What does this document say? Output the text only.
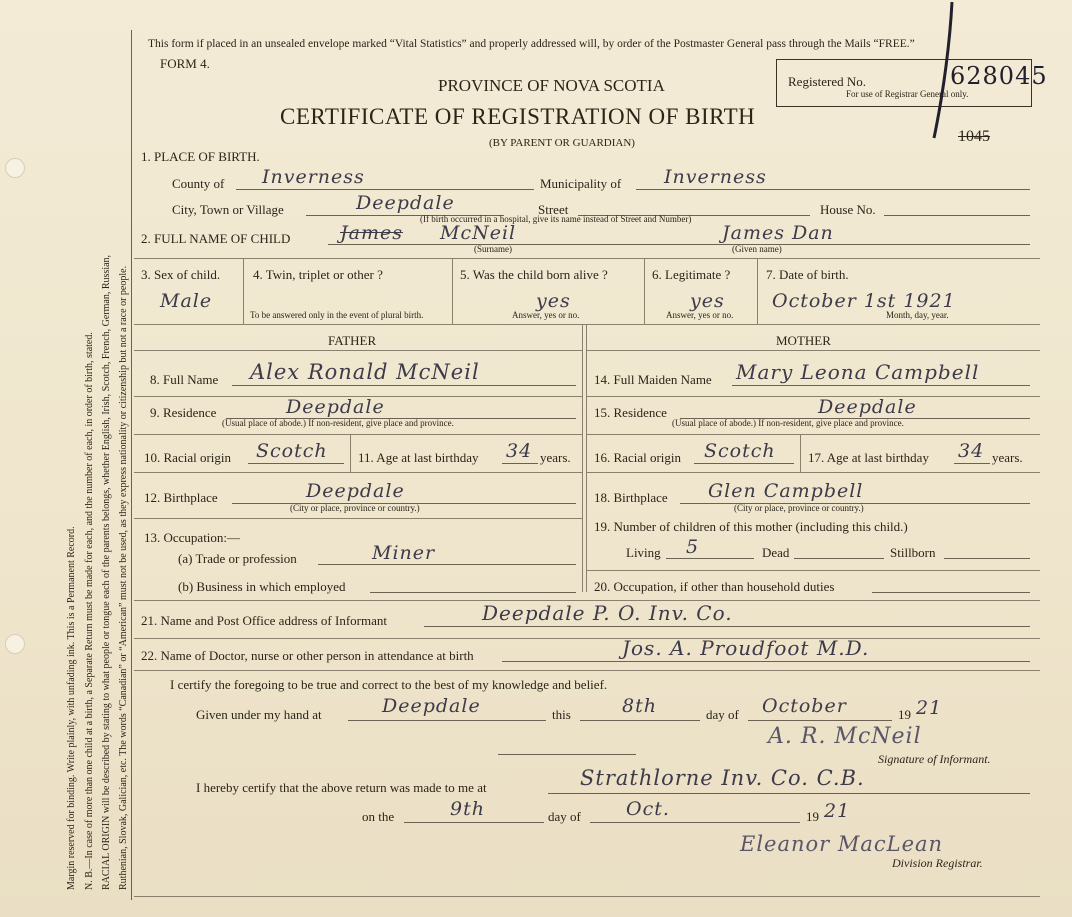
Margin reserved for binding. Write plainly, with unfading ink. This is a Permanent Record. N. B.—In case of more than one child at a birth, a Separate Return must be made for each, and the number of each, in order of birth, stated. RACIAL ORIGIN will be described by stating to what people or tongue each of the parents belongs, whether English, Irish, Scotch, French, German, Russian, Ruthenian, Slovak, Galician, etc. The words “Canadian” or “American” must not be used, as they express nationality or citizenship but not a race or people.
This form if placed in an unsealed envelope marked “Vital Statistics” and properly addressed will, by order of the Postmaster General pass through the Mails “FREE.”
FORM 4.
PROVINCE OF NOVA SCOTIA
CERTIFICATE OF REGISTRATION OF BIRTH
(BY PARENT OR GUARDIAN)
Registered No.
For use of Registrar General only.
628045
1045
1. PLACE OF BIRTH.
County of Inverness	Municipality of Inverness
City, Town or Village	Deepdale	Street	House No.
(If birth occurred in a hospital, give its name instead of Street and Number)
2. FULL NAME OF CHILD	James McNeil
(Surname)
James Dan
(Given name)
3. Sex of child.
Male
4. Twin, triplet or other ?
To be answered only in the event of plural birth.
5. Was the child born alive ?
yes
Answer, yes or no.
6. Legitimate ?
yes
Answer, yes or no.
7. Date of birth.
October 1st 1921
Month, day, year.
FATHER	MOTHER
8. Full Name Alex Ronald McNeil
9. Residence	Deepdale
(Usual place of abode.) If non-resident, give place and province.
10. Racial origin Scotch 11. Age at last birthday 34 years.
12. Birthplace	Deepdale
(City or place, province or country.)
13. Occupation:—
(a) Trade or profession	Miner
(b) Business in which employed
14. Full Maiden Name Mary Leona Campbell
15. Residence	Deepdale
(Usual place of abode.) If non-resident, give place and province.
16. Racial origin Scotch 17. Age at last birthday 34 years.
18. Birthplace Glen Campbell
(City or place, province or country.)
19. Number of children of this mother (including this child.)
Living 5	Dead	Stillborn
20. Occupation, if other than household duties
21. Name and Post Office address of Informant	Deepdale P. O. Inv. Co.
22. Name of Doctor, nurse or other person in attendance at birth	Jos. A. Proudfoot M.D.
I certify the foregoing to be true and correct to the best of my knowledge and belief.
Given under my hand at	Deepdale	this	8th	day of October	19 21
A. R. McNeil
Signature of Informant.
I hereby certify that the above return was made to me at	Strathlorne Inv. Co. C.B.
on the	9th	day of Oct.	19 21
Eleanor MacLean
Division Registrar.
